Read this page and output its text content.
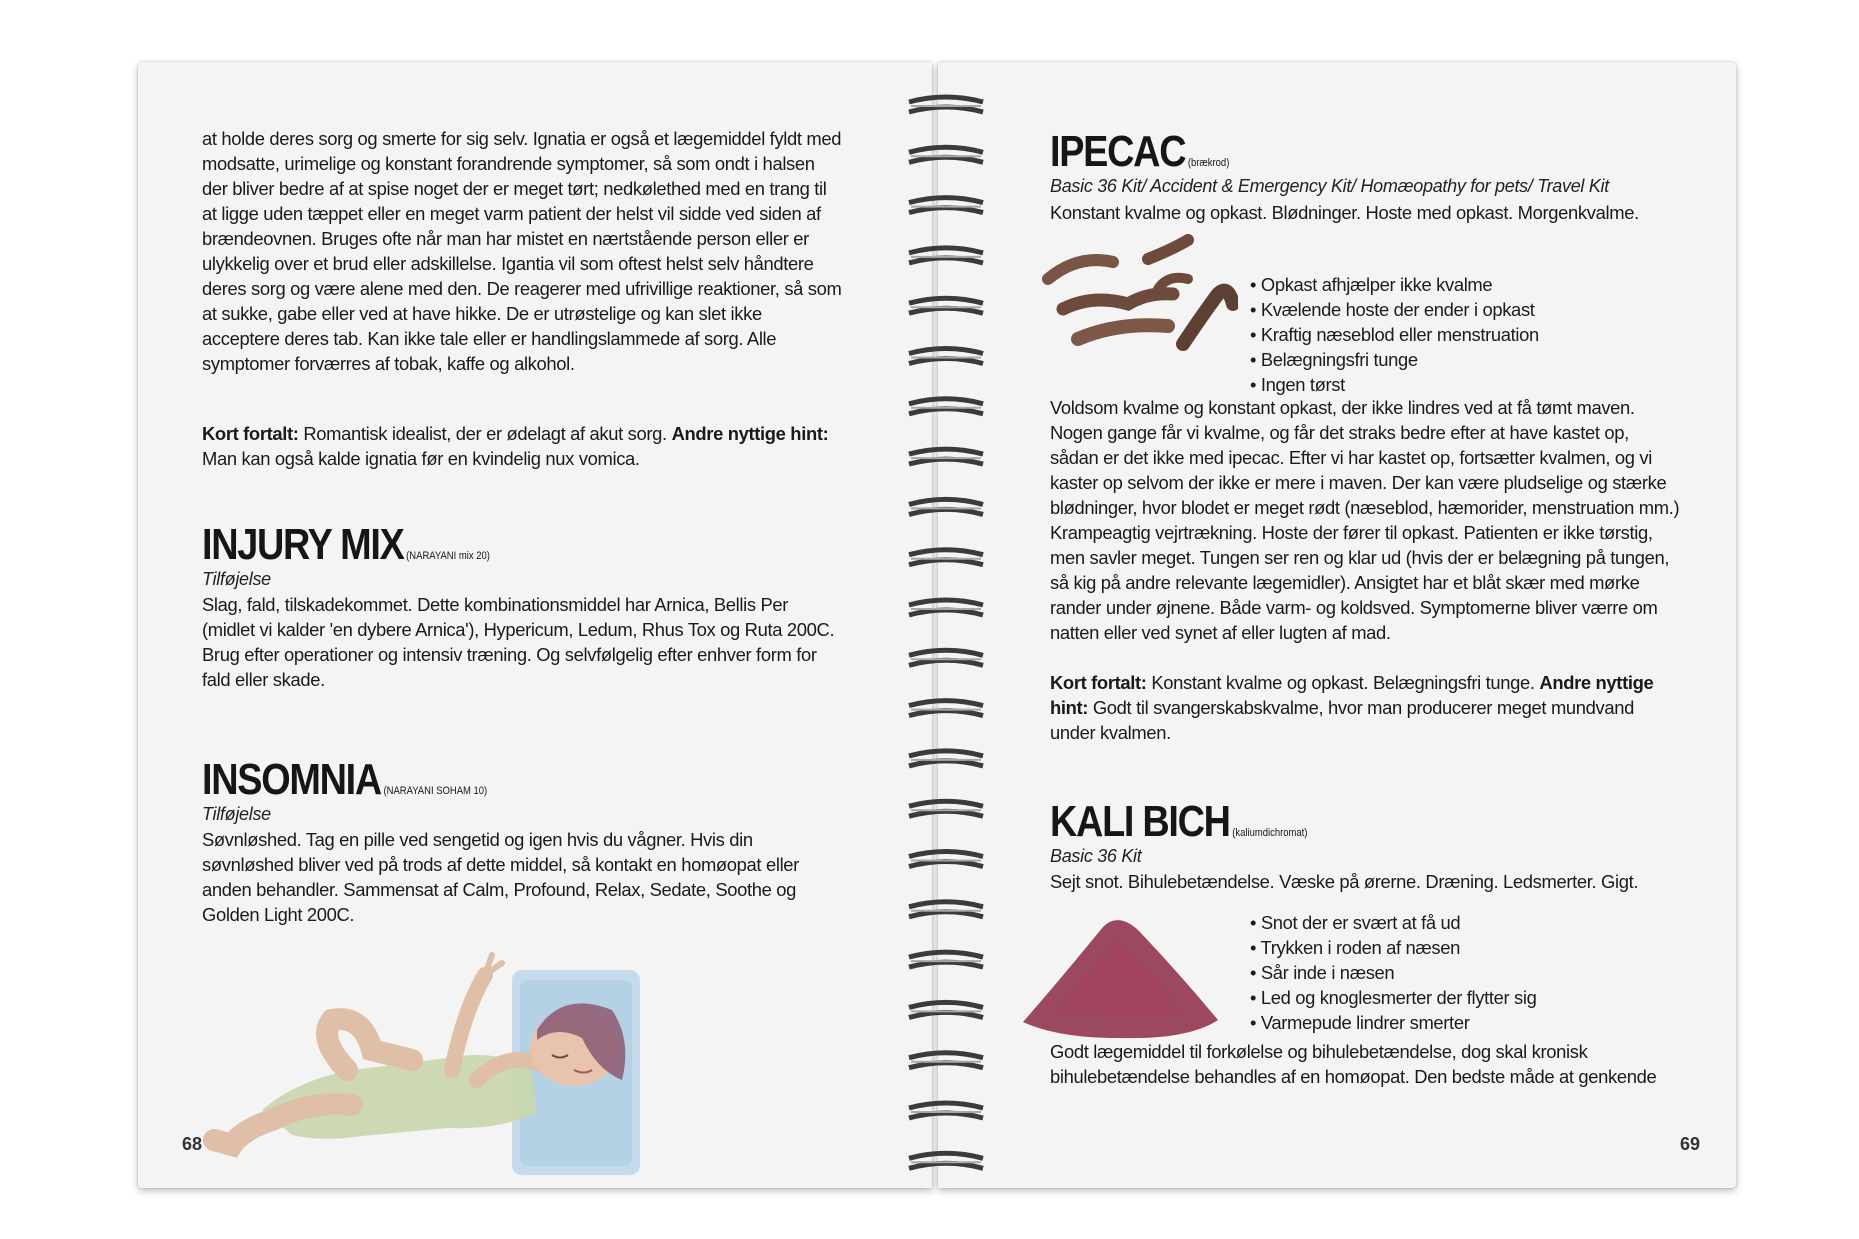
at holde deres sorg og smerte for sig selv. Ignatia er også et lægemiddel fyldt med modsatte, urimelige og konstant forandrende symptomer, så som ondt i halsen der bliver bedre af at spise noget der er meget tørt; nedkølethed med en trang til at ligge uden tæppet eller en meget varm patient der helst vil sidde ved siden af brændeovnen. Bruges ofte når man har mistet en nærtstående person eller er ulykkelig over et brud eller adskillelse. Igantia vil som oftest helst selv håndtere deres sorg og være alene med den. De reagerer med ufrivillige reaktioner, så som at sukke, gabe eller ved at have hikke. De er utrøstelige og kan slet ikke acceptere deres tab. Kan ikke tale eller er handlingslammede af sorg. Alle symptomer forværres af tobak, kaffe og alkohol.

Kort fortalt: Romantisk idealist, der er ødelagt af akut sorg. Andre nyttige hint: Man kan også kalde ignatia før en kvindelig nux vomica.

INJURY MIX (NARAYANI mix 20)
Tilføjelse

Slag, fald, tilskadekommet. Dette kombinationsmiddel har Arnica, Bellis Per (midlet vi kalder 'en dybere Arnica'), Hypericum, Ledum, Rhus Tox og Ruta 200C. Brug efter operationer og intensiv træning. Og selvfølgelig efter enhver form for fald eller skade.

INSOMNIA (NARAYANI SOHAM 10)
Tilføjelse

Søvnløshed. Tag en pille ved sengetid og igen hvis du vågner. Hvis din søvnløshed bliver ved på trods af dette middel, så kontakt en homøopat eller anden behandler. Sammensat af Calm, Profound, Relax, Sedate, Soothe og Golden Light 200C.

68
IPECAC (brækrod)
Basic 36 Kit/ Accident & Emergency Kit/ Homæopathy for pets/ Travel Kit

Konstant kvalme og opkast. Blødninger. Hoste med opkast. Morgenkvalme.

• Opkast afhjælper ikke kvalme
• Kvælende hoste der ender i opkast
• Kraftig næseblod eller menstruation
• Belægningsfri tunge
• Ingen tørst

Voldsom kvalme og konstant opkast, der ikke lindres ved at få tømt maven. Nogen gange får vi kvalme, og får det straks bedre efter at have kastet op, sådan er det ikke med ipecac. Efter vi har kastet op, fortsætter kvalmen, og vi kaster op selvom der ikke er mere i maven. Der kan være pludselige og stærke blødninger, hvor blodet er meget rødt (næseblod, hæmorider, menstruation mm.) Krampeagtig vejrtrækning. Hoste der fører til opkast. Patienten er ikke tørstig, men savler meget. Tungen ser ren og klar ud (hvis der er belægning på tungen, så kig på andre relevante lægemidler). Ansigtet har et blåt skær med mørke rander under øjnene. Både varm- og koldsved. Symptomerne bliver værre om natten eller ved synet af eller lugten af mad.

Kort fortalt: Konstant kvalme og opkast. Belægningsfri tunge. Andre nyttige hint: Godt til svangerskabskvalme, hvor man producerer meget mundvand under kvalmen.

KALI BICH (kaliumdichromat)
Basic 36 Kit

Sejt snot. Bihulebetændelse. Væske på ørerne. Dræning. Ledsmerter. Gigt.

• Snot der er svært at få ud
• Trykken i roden af næsen
• Sår inde i næsen
• Led og knoglesmerter der flytter sig
• Varmepude lindrer smerter

Godt lægemiddel til forkølelse og bihulebetændelse, dog skal kronisk bihulebetændelse behandles af en homøopat. Den bedste måde at genkende

69
